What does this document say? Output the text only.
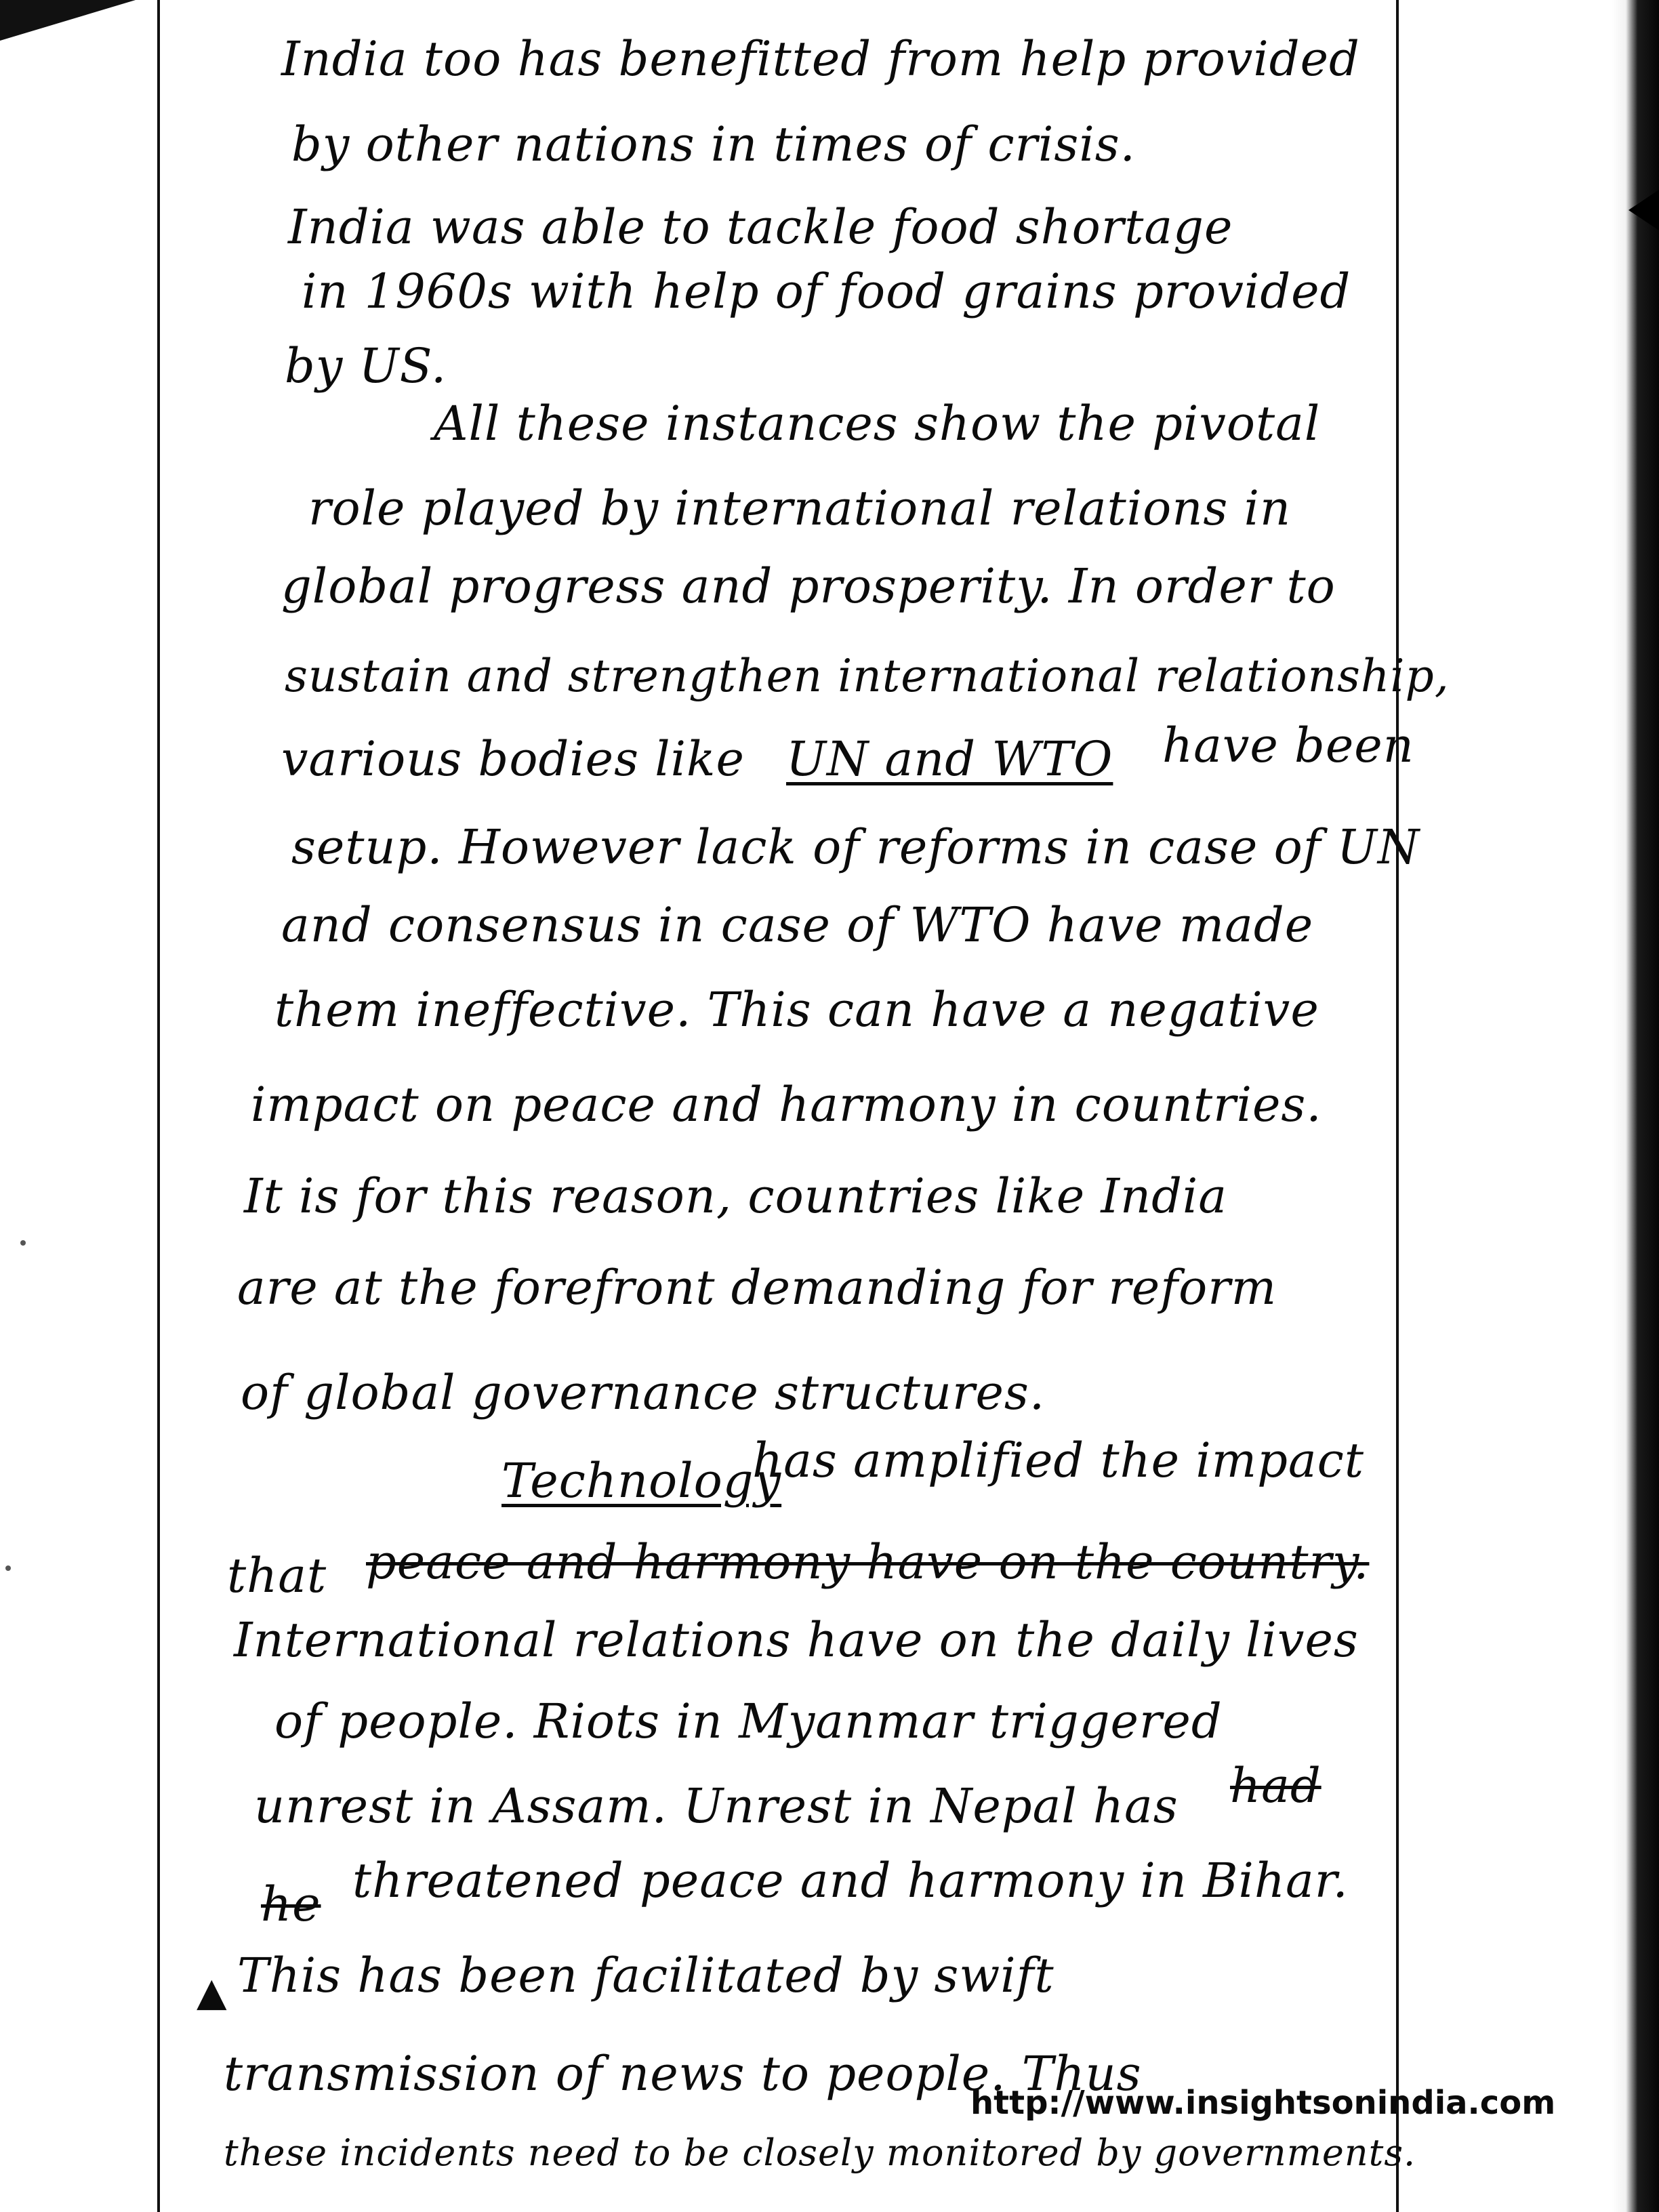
India too has benefitted from help provided

by other nations in times of crisis.

India was able to tackle food shortage

in 1960s with help of food grains provided

by US.

All these instances show the pivotal

role played by international relations in

global progress and prosperity. In order to

sustain and strengthen international relationship,

various bodies like UN and WTO have been

setup. However lack of reforms in case of UN

and consensus in case of WTO have made

them ineffective. This can have a negative

impact on peace and harmony in countries.

It is for this reason, countries like India

are at the forefront demanding for reform

of global governance structures.

Technology

has amplified the impact

that peace and harmony have on the country.

International relations have on the daily lives

of people. Riots in Myanmar triggered

unrest in Assam. Unrest in Nepal has had

he threatened peace and harmony in Bihar.

▲ This has been facilitated by swift

transmission of news to people. Thus

these incidents need to be closely monitored by governments.

http://www.insightsonindia.com
